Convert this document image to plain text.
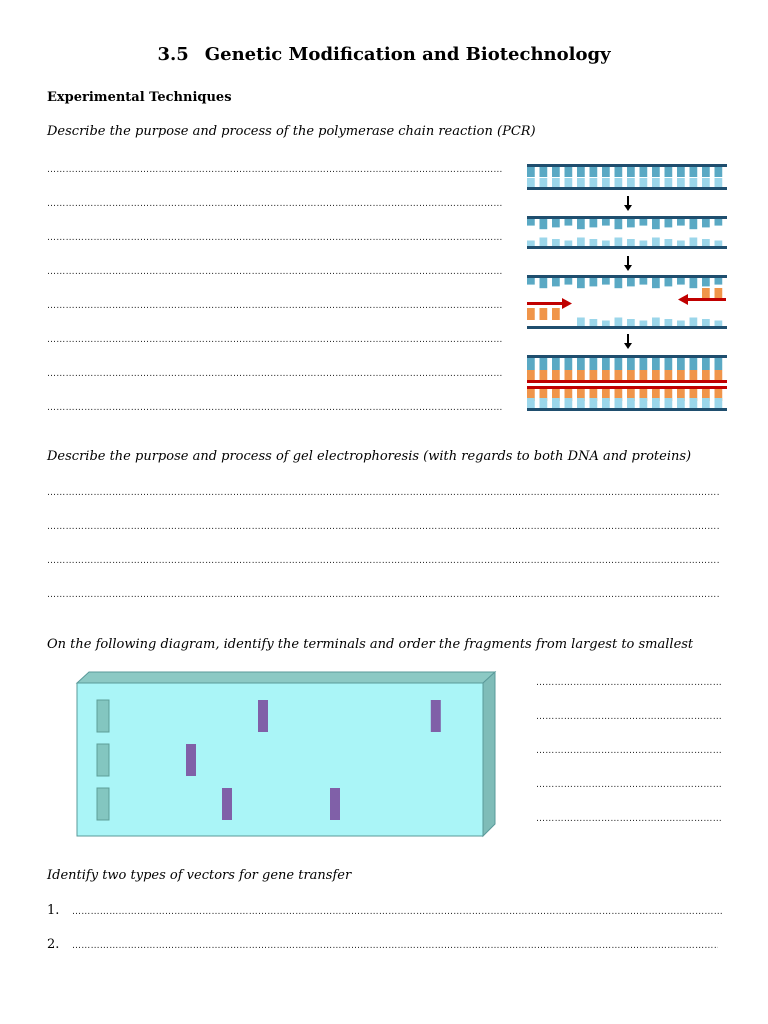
3.5 Genetic Modification and Biotechnology
Experimental Techniques
Describe the purpose and process of the polymerase chain reaction (PCR)
………………………………………………………………………………………………………………………………………………………………………………………………………………………………
………………………………………………………………………………………………………………………………………………………………………………………………………………………………
………………………………………………………………………………………………………………………………………………………………………………………………………………………………
………………………………………………………………………………………………………………………………………………………………………………………………………………………………
………………………………………………………………………………………………………………………………………………………………………………………………………………………………
………………………………………………………………………………………………………………………………………………………………………………………………………………………………
………………………………………………………………………………………………………………………………………………………………………………………………………………………………
………………………………………………………………………………………………………………………………………………………………………………………………………………………………
Describe the purpose and process of gel electrophoresis (with regards to both DNA and proteins)
………………………………………………………………………………………………………………………………………………………………………………………………………………………………
………………………………………………………………………………………………………………………………………………………………………………………………………………………………
………………………………………………………………………………………………………………………………………………………………………………………………………………………………
………………………………………………………………………………………………………………………………………………………………………………………………………………………………
On the following diagram, identify the terminals and order the fragments from largest to smallest
………………………………………………………………………………………………………………………………………………………………………………………………………………………………
………………………………………………………………………………………………………………………………………………………………………………………………………………………………
………………………………………………………………………………………………………………………………………………………………………………………………………………………………
………………………………………………………………………………………………………………………………………………………………………………………………………………………………
………………………………………………………………………………………………………………………………………………………………………………………………………………………………
Identify two types of vectors for gene transfer
1.
………………………………………………………………………………………………………………………………………………………………………………………………………………………………
2.
………………………………………………………………………………………………………………………………………………………………………………………………………………………………
